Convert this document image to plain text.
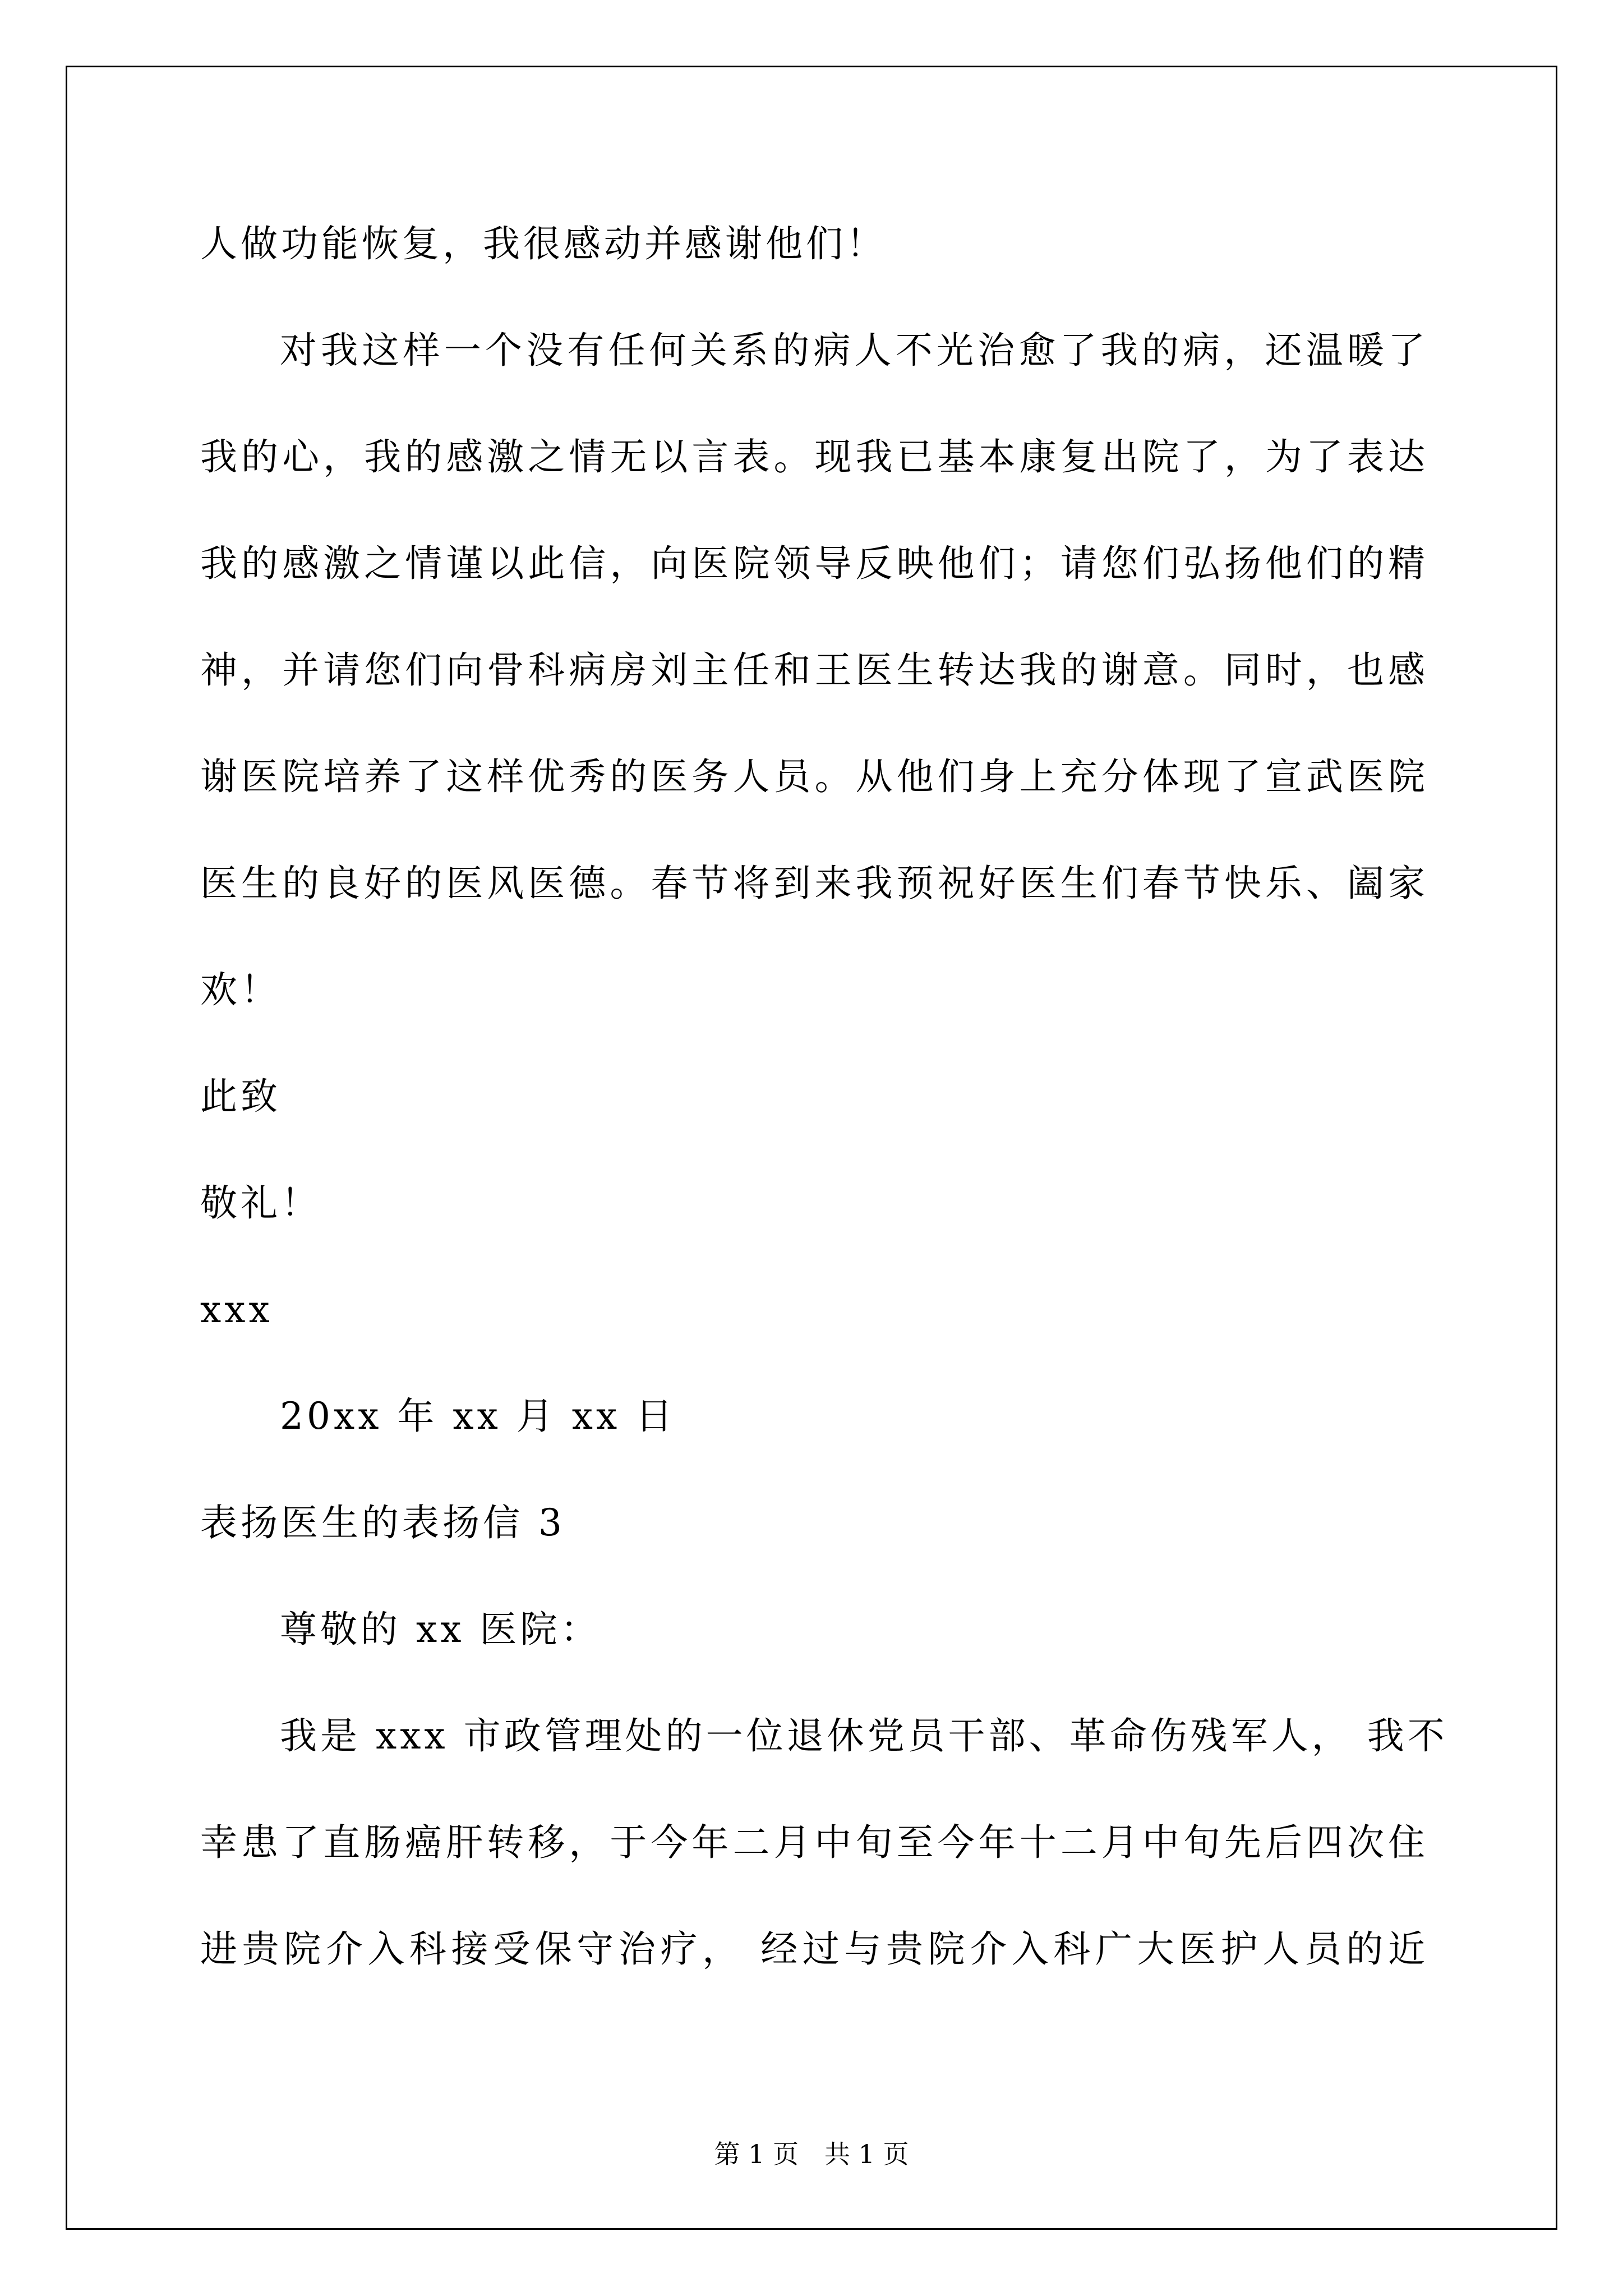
人做功能恢复，我很感动并感谢他们！
对我这样一个没有任何关系的病人不光治愈了我的病，还温暖了
我的心，我的感激之情无以言表。现我已基本康复出院了，为了表达
我的感激之情谨以此信，向医院领导反映他们；请您们弘扬他们的精
神，并请您们向骨科病房刘主任和王医生转达我的谢意。同时，也感
谢医院培养了这样优秀的医务人员。从他们身上充分体现了宣武医院
医生的良好的医风医德。春节将到来我预祝好医生们春节快乐、阖家
欢！
此致
敬礼！
xxx
20xx 年 xx 月 xx 日
表扬医生的表扬信 3
尊敬的 xx 医院：
我是 xxx 市政管理处的一位退休党员干部、革命伤残军人， 我不
幸患了直肠癌肝转移，于今年二月中旬至今年十二月中旬先后四次住
进贵院介入科接受保守治疗， 经过与贵院介入科广大医护人员的近
第 1 页 共 1 页
